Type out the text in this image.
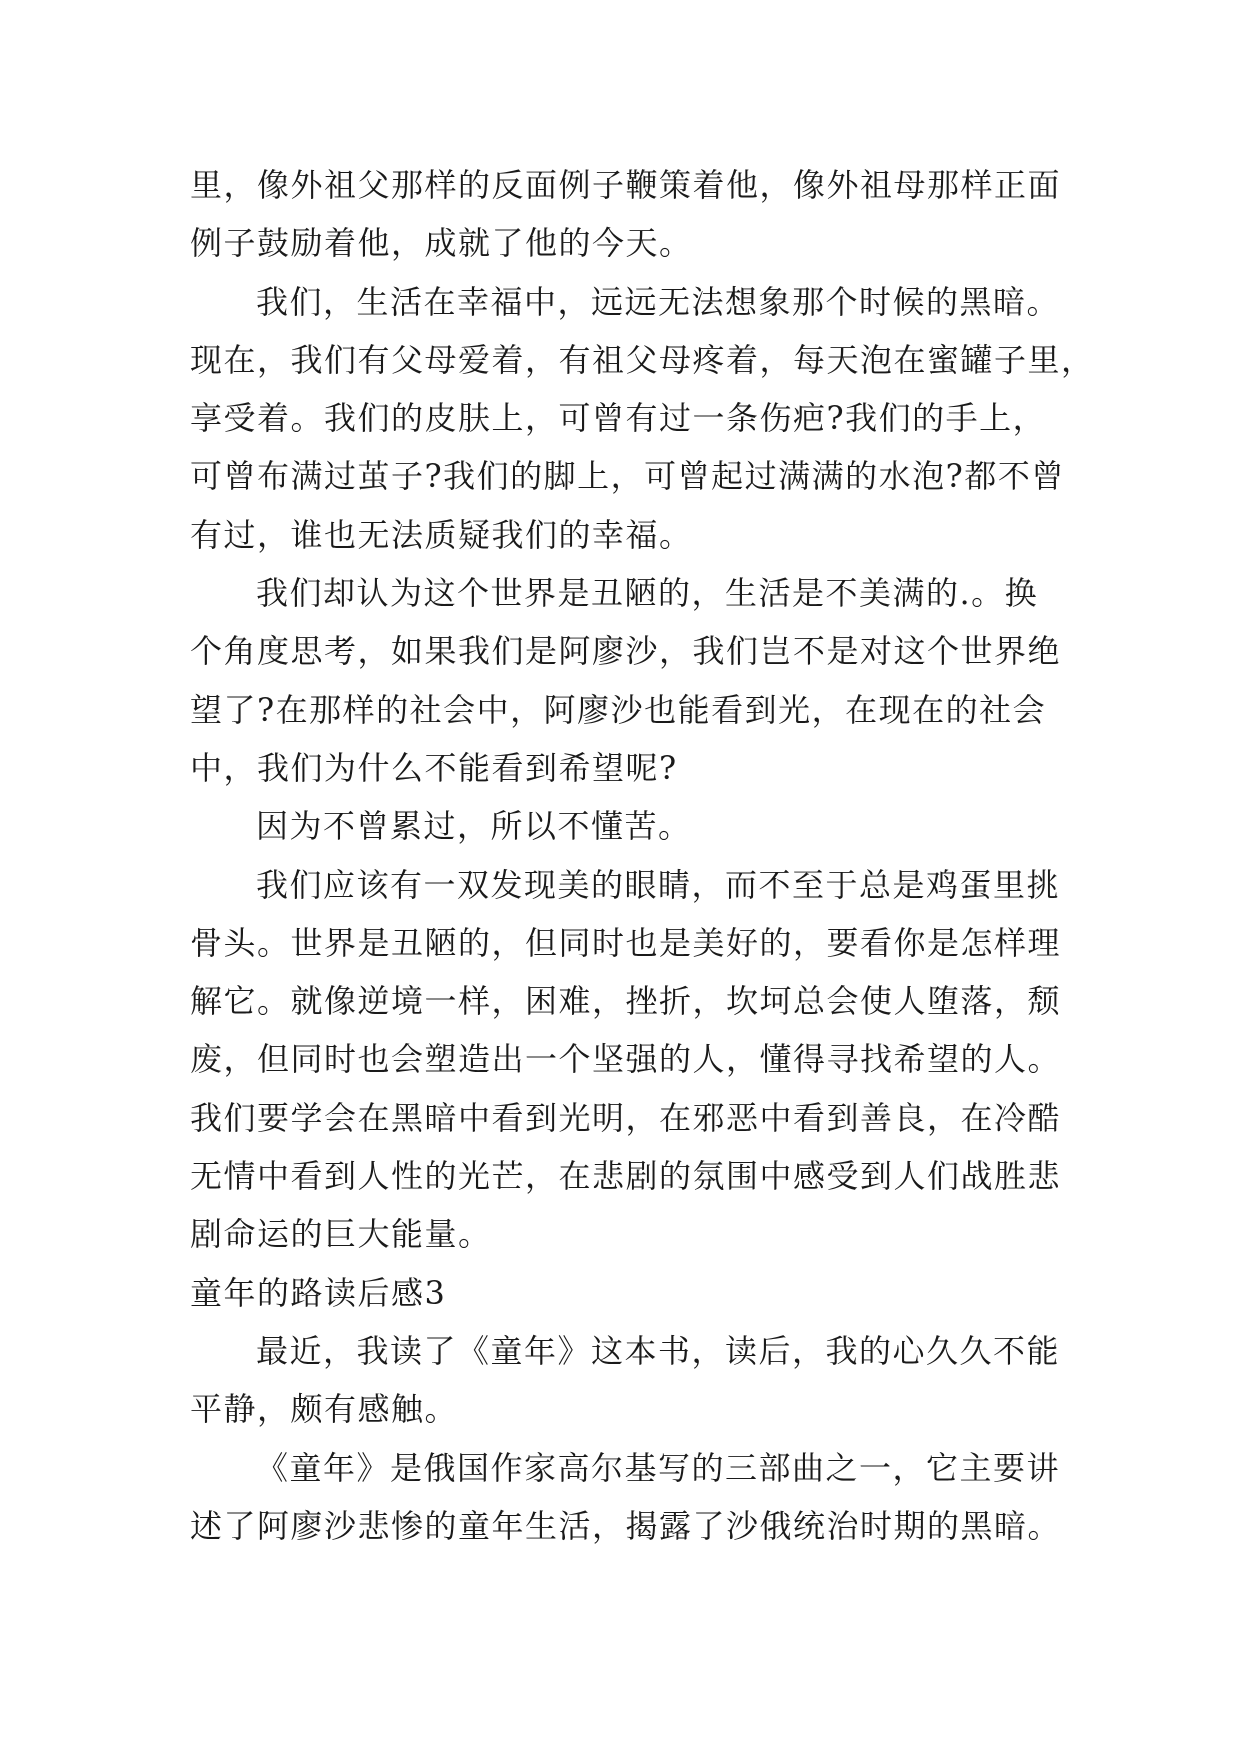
里，像外祖父那样的反面例子鞭策着他，像外祖母那样正面
例子鼓励着他，成就了他的今天。
我们，生活在幸福中，远远无法想象那个时候的黑暗。
现在，我们有父母爱着，有祖父母疼着，每天泡在蜜罐子里，
享受着。我们的皮肤上，可曾有过一条伤疤?我们的手上，
可曾布满过茧子?我们的脚上，可曾起过满满的水泡?都不曾
有过，谁也无法质疑我们的幸福。
我们却认为这个世界是丑陋的，生活是不美满的.。换
个角度思考，如果我们是阿廖沙，我们岂不是对这个世界绝
望了?在那样的社会中，阿廖沙也能看到光，在现在的社会
中，我们为什么不能看到希望呢?
因为不曾累过，所以不懂苦。
我们应该有一双发现美的眼睛，而不至于总是鸡蛋里挑
骨头。世界是丑陋的，但同时也是美好的，要看你是怎样理
解它。就像逆境一样，困难，挫折，坎坷总会使人堕落，颓
废，但同时也会塑造出一个坚强的人，懂得寻找希望的人。
我们要学会在黑暗中看到光明，在邪恶中看到善良，在冷酷
无情中看到人性的光芒，在悲剧的氛围中感受到人们战胜悲
剧命运的巨大能量。
童年的路读后感3
最近，我读了《童年》这本书，读后，我的心久久不能
平静，颇有感触。
《童年》是俄国作家高尔基写的三部曲之一，它主要讲
述了阿廖沙悲惨的童年生活，揭露了沙俄统治时期的黑暗。
